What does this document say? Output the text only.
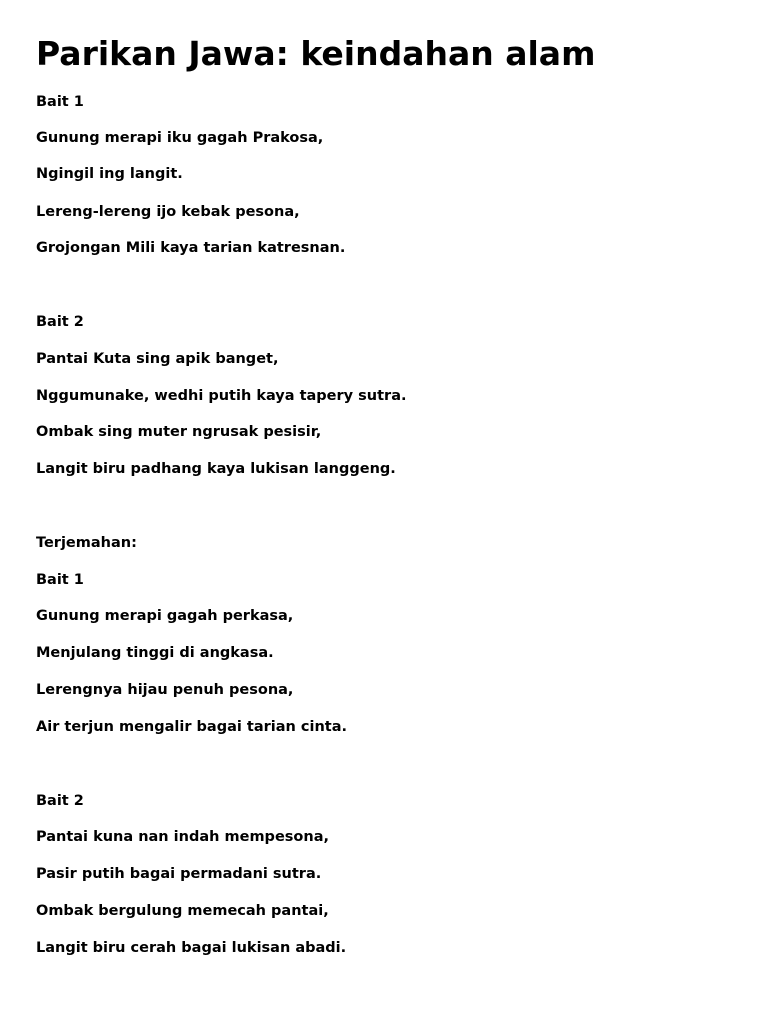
Parikan Jawa: keindahan alam

Bait 1

Gunung merapi iku gagah Prakosa,

Ngingil ing langit.

Lereng-lereng ijo kebak pesona,

Grojongan Mili kaya tarian katresnan.

Bait 2

Pantai Kuta sing apik banget,

Nggumunake, wedhi putih kaya tapery sutra.

Ombak sing muter ngrusak pesisir,

Langit biru padhang kaya lukisan langgeng.

Terjemahan:

Bait 1

Gunung merapi gagah perkasa,

Menjulang tinggi di angkasa.

Lerengnya hijau penuh pesona,

Air terjun mengalir bagai tarian cinta.

Bait 2

Pantai kuna nan indah mempesona,

Pasir putih bagai permadani sutra.

Ombak bergulung memecah pantai,

Langit biru cerah bagai lukisan abadi.
